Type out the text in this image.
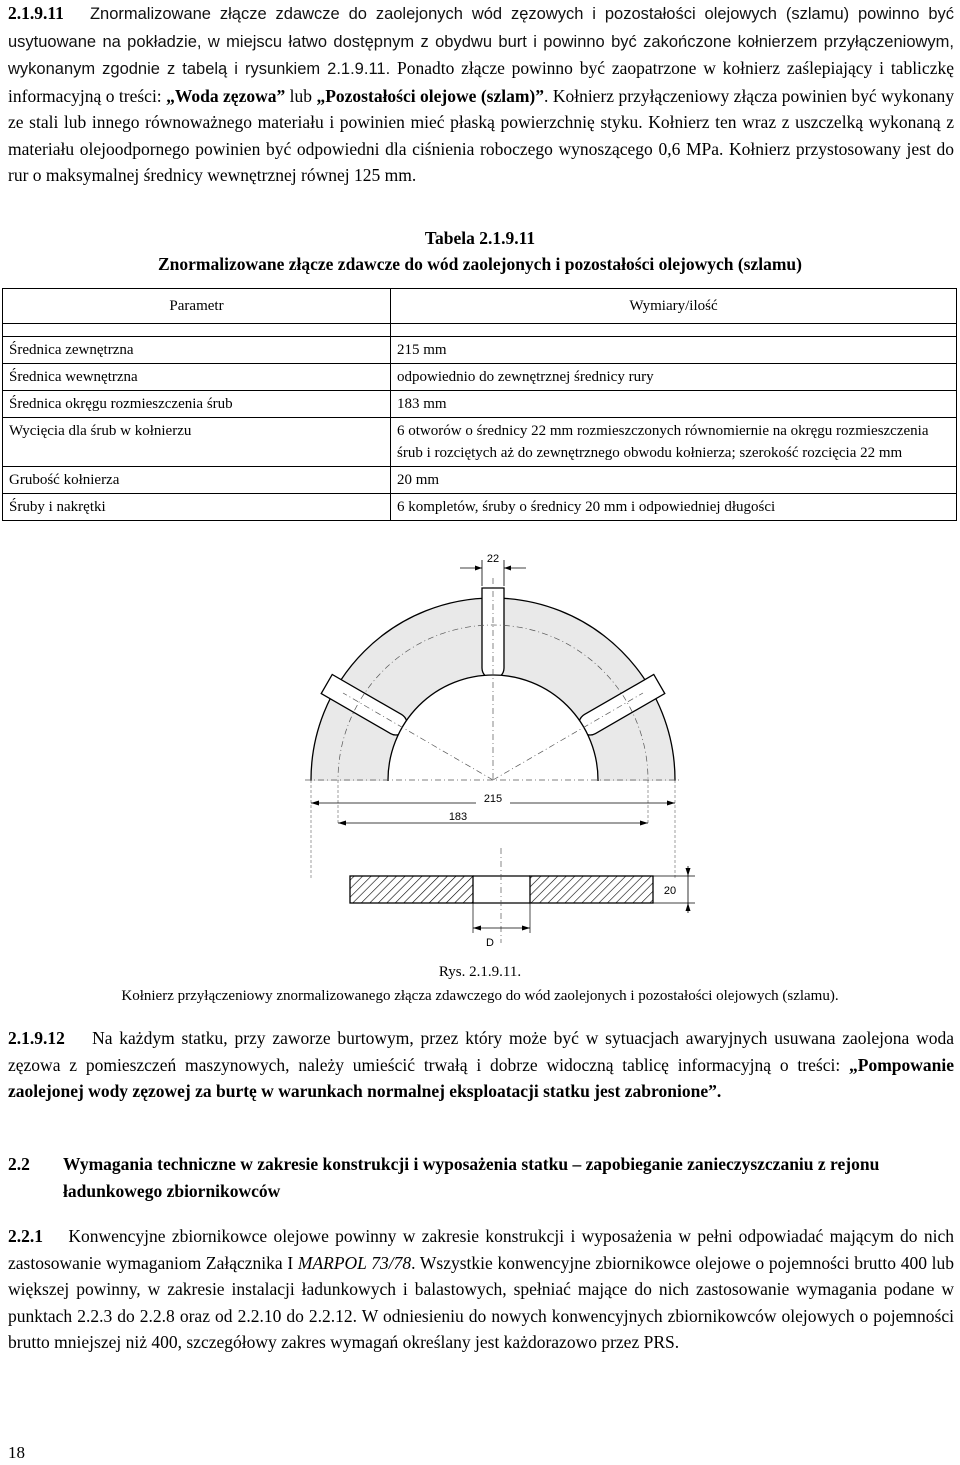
2.1.9.11 Znormalizowane złącze zdawcze do zaolejonych wód zęzowych i pozostałości olejowych (szlamu) powinno być usytuowane na pokładzie, w miejscu łatwo dostępnym z obydwu burt i powinno być zakończone kołnierzem przyłączeniowym, wykonanym zgodnie z tabelą i rysunkiem 2.1.9.11. Ponadto złącze powinno być zaopatrzone w kołnierz zaślepiający i tabliczkę informacyjną o treści: „Woda zęzowa” lub „Pozostałości olejowe (szlam)”. Kołnierz przyłączeniowy złącza powinien być wykonany ze stali lub innego równoważnego materiału i powinien mieć płaską powierzchnię styku. Kołnierz ten wraz z uszczelką wykonaną z materiału olejoodpornego powinien być odpowiedni dla ciśnienia roboczego wynoszącego 0,6 MPa. Kołnierz przystosowany jest do rur o maksymalnej średnicy wewnętrznej równej 125 mm.

Tabela 2.1.9.11

Znormalizowane złącze zdawcze do wód zaolejonych i pozostałości olejowych (szlamu)

Parametr	Wymiary/ilość

Średnica zewnętrzna	215 mm
Średnica wewnętrzna	odpowiednio do zewnętrznej średnicy rury
Średnica okręgu rozmieszczenia śrub	183 mm
Wycięcia dla śrub w kołnierzu	6 otworów o średnicy 22 mm rozmieszczonych równomiernie na okręgu rozmieszczenia śrub i rozciętych aż do zewnętrznego obwodu kołnierza; szerokość rozcięcia 22 mm
Grubość kołnierza	20 mm
Śruby i nakrętki	6 kompletów, śruby o średnicy 20 mm i odpowiedniej długości
22
215
183
20
D

Rys. 2.1.9.11.

Kołnierz przyłączeniowy znormalizowanego złącza zdawczego do wód zaolejonych i pozostałości olejowych (szlamu).

2.1.9.12 Na każdym statku, przy zaworze burtowym, przez który może być w sytuacjach awaryjnych usuwana zaolejona woda zęzowa z pomieszczeń maszynowych, należy umieścić trwałą i dobrze widoczną tablicę informacyjną o treści: „Pompowanie zaolejonej wody zęzowej za burtę w warunkach normalnej eksploatacji statku jest zabronione”.

2.2 Wymagania techniczne w zakresie konstrukcji i wyposażenia statku – zapobieganie zanieczyszczaniu z rejonu ładunkowego zbiornikowców

2.2.1 Konwencyjne zbiornikowce olejowe powinny w zakresie konstrukcji i wyposażenia w pełni odpowiadać mającym do nich zastosowanie wymaganiom Załącznika I MARPOL 73/78. Wszystkie konwencyjne zbiornikowce olejowe o pojemności brutto 400 lub większej powinny, w zakresie instalacji ładunkowych i balastowych, spełniać mające do nich zastosowanie wymagania podane w punktach 2.2.3 do 2.2.8 oraz od 2.2.10 do 2.2.12. W odniesieniu do nowych konwencyjnych zbiornikowców olejowych o pojemności brutto mniejszej niż 400, szczegółowy zakres wymagań określany jest każdorazowo przez PRS.

18
